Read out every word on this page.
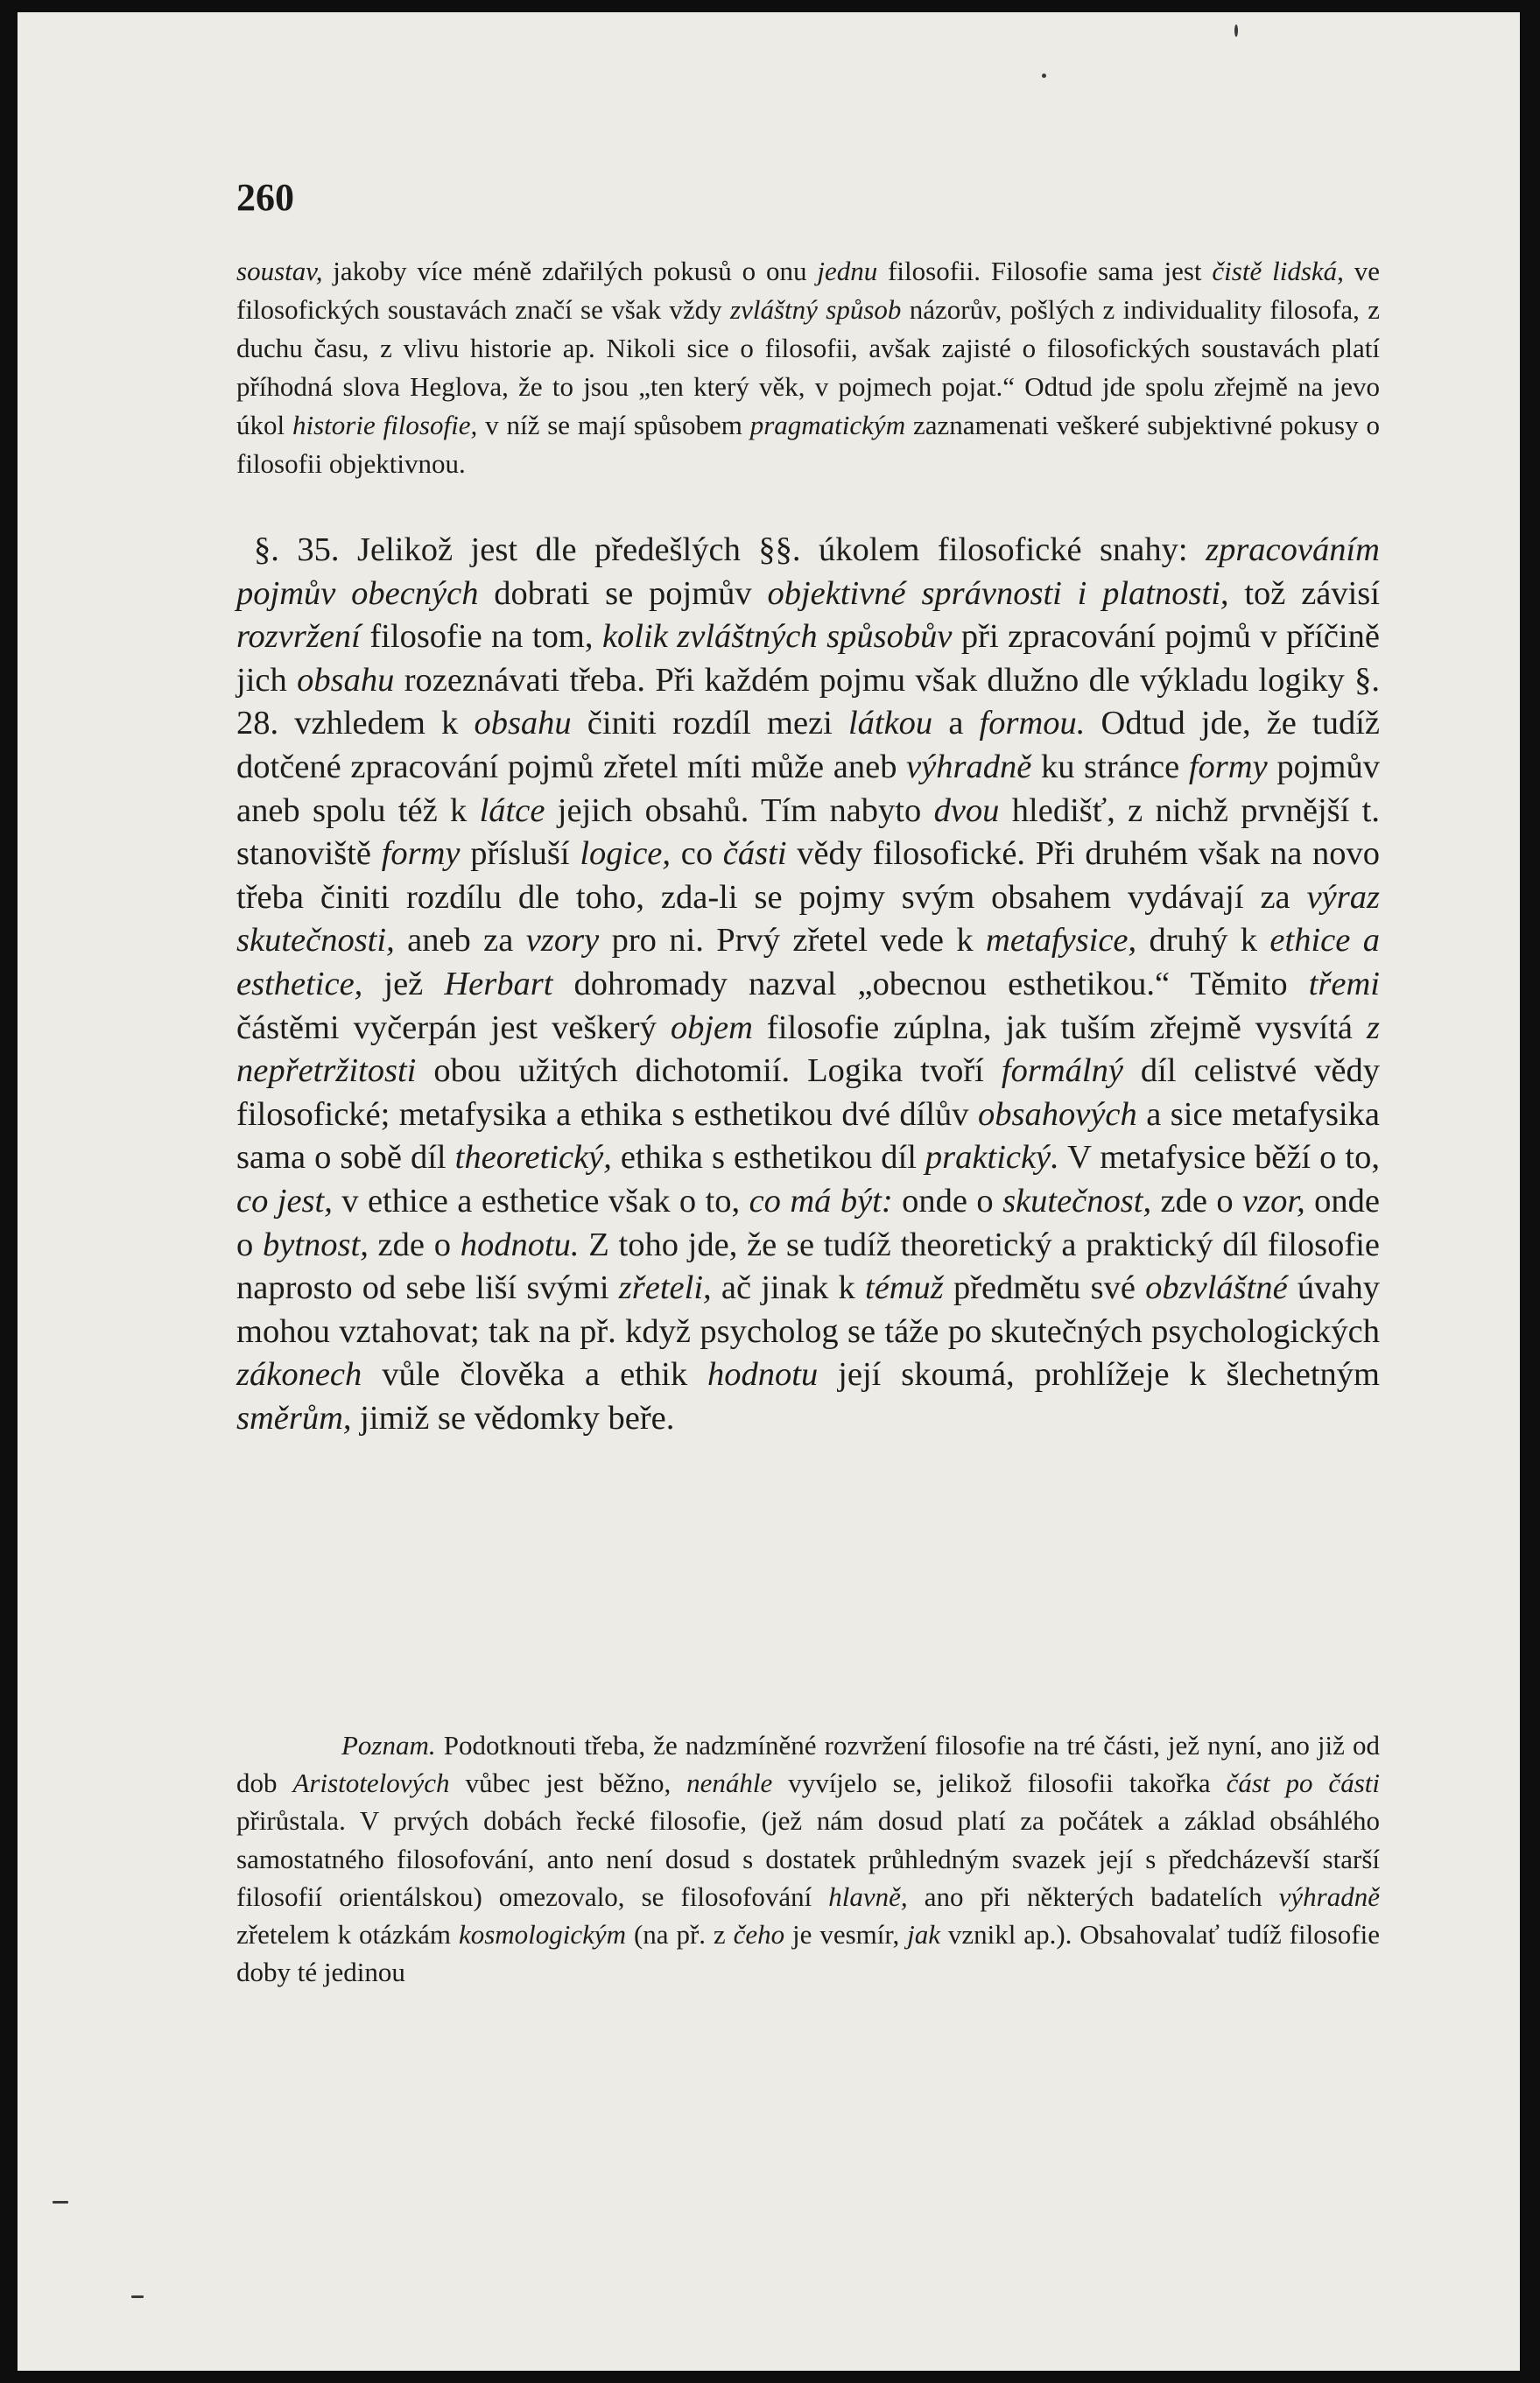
260

soustav, jakoby více méně zdařilých pokusů o onu jednu filosofii. Filosofie sama jest čistě lidská, ve filosofických soustavách značí se však vždy zvláštný spůsob názorův, pošlých z individuality filosofa, z duchu času, z vlivu historie ap. Nikoli sice o filosofii, avšak zajisté o filosofických soustavách platí příhodná slova Heglova, že to jsou „ten který věk, v pojmech pojat.“ Odtud jde spolu zřejmě na jevo úkol historie filosofie, v níž se mají spůsobem pragmatickým zaznamenati veškeré subjektivné pokusy o filosofii objektivnou.

§. 35. Jelikož jest dle předešlých §§. úkolem filosofické snahy: zpracováním pojmův obecných dobrati se pojmův objektivné správnosti i platnosti, tož závisí rozvržení filosofie na tom, kolik zvláštných spůsobův při zpracování pojmů v příčině jich obsahu rozeznávati třeba. Při každém pojmu však dlužno dle výkladu logiky §. 28. vzhledem k obsahu činiti rozdíl mezi látkou a formou. Odtud jde, že tudíž dotčené zpracování pojmů zřetel míti může aneb výhradně ku stránce formy pojmův aneb spolu též k látce jejich obsahů. Tím nabyto dvou hledišť, z nichž prvnější t. stanoviště formy přísluší logice, co části vědy filosofické. Při druhém však na novo třeba činiti rozdílu dle toho, zda-li se pojmy svým obsahem vydávají za výraz skutečnosti, aneb za vzory pro ni. Prvý zřetel vede k metafysice, druhý k ethice a esthetice, jež Herbart dohromady nazval „obecnou esthetikou.“ Těmito třemi částěmi vyčerpán jest veškerý objem filosofie zúplna, jak tuším zřejmě vysvítá z nepřetržitosti obou užitých dichotomií. Logika tvoří formálný díl celistvé vědy filosofické; metafysika a ethika s esthetikou dvé dílův obsahových a sice metafysika sama o sobě díl theoretický, ethika s esthetikou díl praktický. V metafysice běží o to, co jest, v ethice a esthetice však o to, co má být: onde o skutečnost, zde o vzor, onde o bytnost, zde o hodnotu. Z toho jde, že se tudíž theoretický a praktický díl filosofie naprosto od sebe liší svými zřeteli, ač jinak k témuž předmětu své obzvláštné úvahy mohou vztahovat; tak na př. když psycholog se táže po skutečných psychologických zákonech vůle člověka a ethik hodnotu její skoumá, prohlížeje k šlechetným směrům, jimiž se vědomky beře.

Poznam. Podotknouti třeba, že nadzmíněné rozvržení filosofie na tré části, jež nyní, ano již od dob Aristotelových vůbec jest běžno, nenáhle vyvíjelo se, jelikož filosofii takořka část po části přirůstala. V prvých dobách řecké filosofie, (jež nám dosud platí za počátek a základ obsáhlého samostatného filosofování, anto není dosud s dostatek průhledným svazek její s předcházevší starší filosofií orientálskou) omezovalo, se filosofování hlavně, ano při některých badatelích výhradně zřetelem k otázkám kosmologickým (na př. z čeho je vesmír, jak vznikl ap.). Obsahovalať tudíž filosofie doby té jedinou
